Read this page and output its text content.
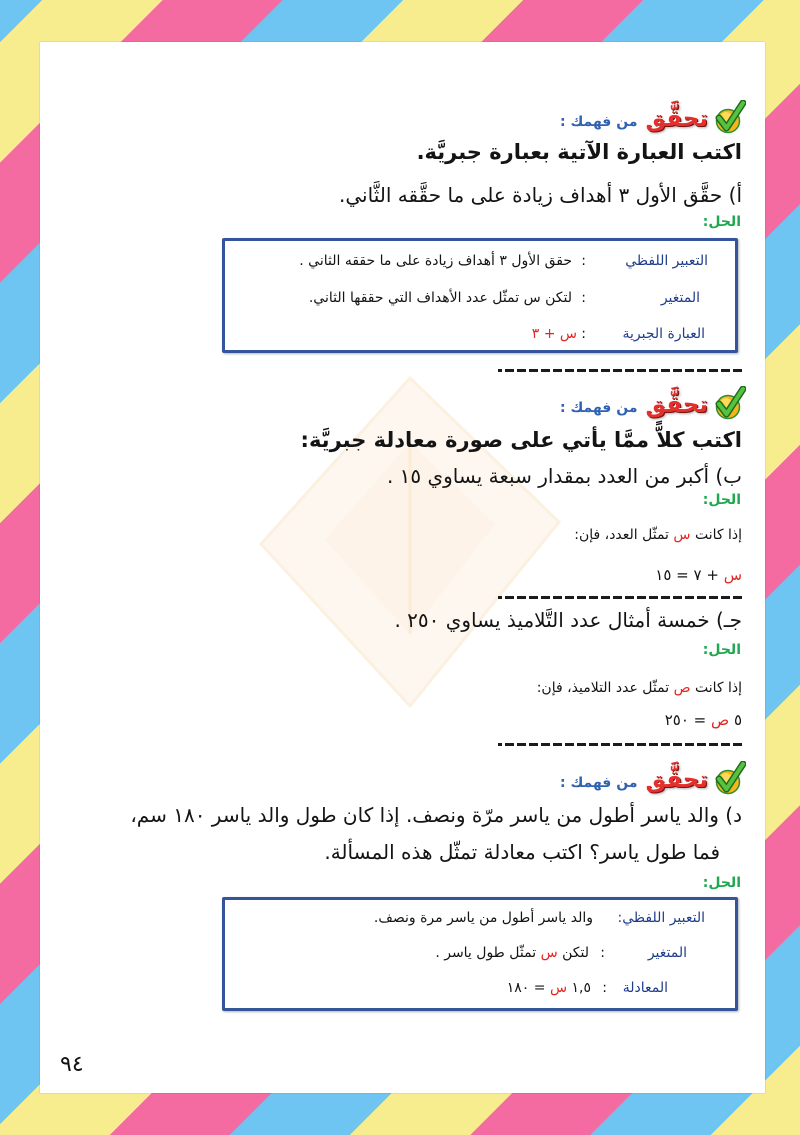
تحقَّق
من فهمك :
اكتب العبارة الآتية بعبارة جبريَّة.
أ) حقَّق الأول ٣ أهداف زيادة على ما حقَّقه الثَّاني.
الحل:
التعبير اللفظي
:
حقق الأول ٣ أهداف زيادة على ما حققه الثاني .
المتغير
:
لتكن س تمثّل عدد الأهداف التي حققها الثاني.
العبارة الجبرية
:
س + ٣
تحقَّق
من فهمك :
اكتب كلاًّ ممَّا يأتي على صورة معادلة جبريَّة:
ب) أكبر من العدد بمقدار سبعة يساوي ١٥ .
الحل:
إذا كانت س تمثّل العدد، فإن:
س + ٧ = ١٥
جـ) خمسة أمثال عدد التَّلاميذ يساوي ٢٥٠ .
الحل:
إذا كانت ص تمثّل عدد التلاميذ، فإن:
٥ ص = ٢٥٠
تحقَّق
من فهمك :
د) والد ياسر أطول من ياسر مرّة ونصف. إذا كان طول والد ياسر ١٨٠ سم،
فما طول ياسر؟ اكتب معادلة تمثّل هذه المسألة.
الحل:
التعبير اللفظي:
والد ياسر أطول من ياسر مرة ونصف.
المتغير
:
لتكن س تمثّل طول ياسر .
المعادلة
:
١,٥ س = ١٨٠
٩٤
